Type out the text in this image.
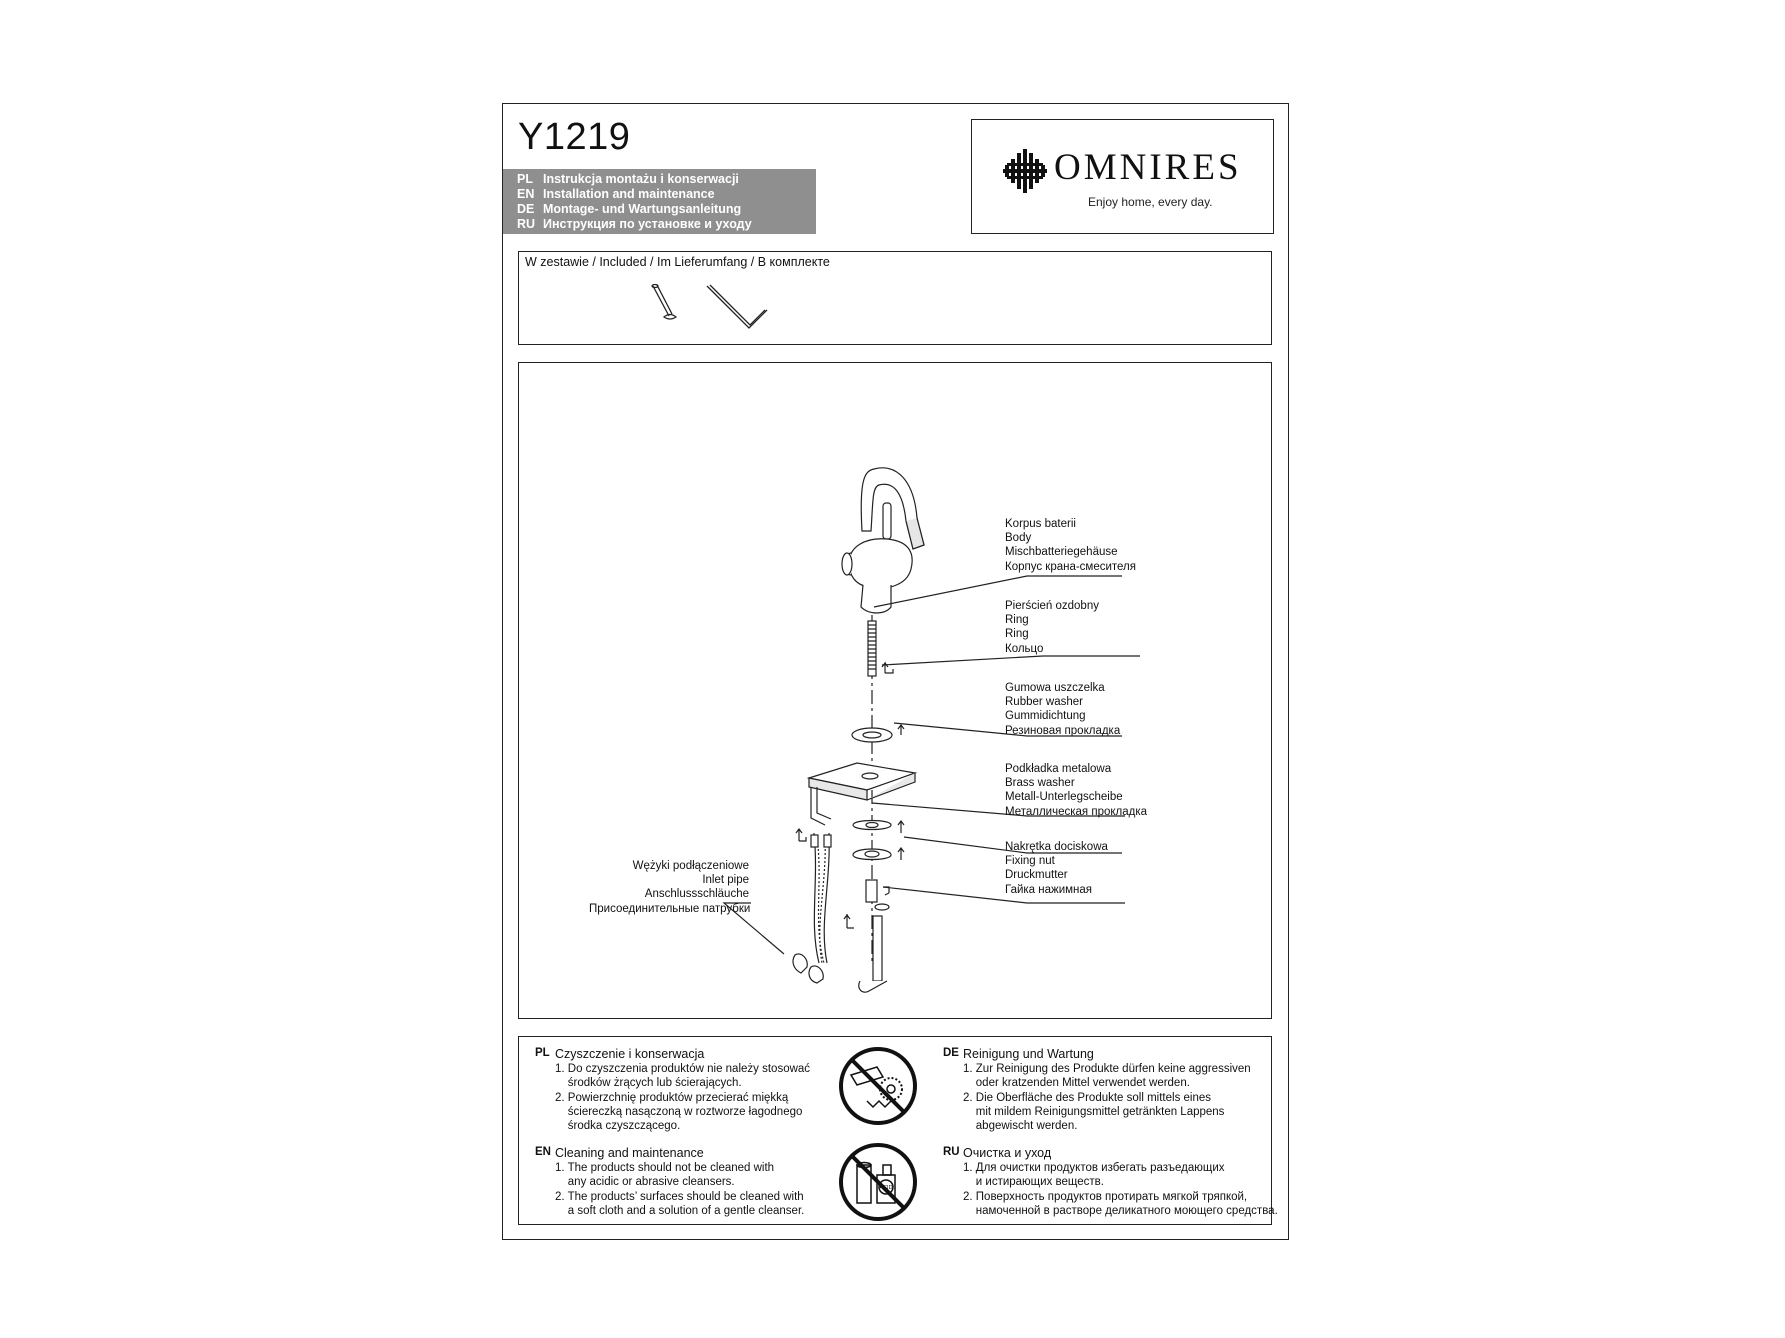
Y1219
PL Instrukcja montażu i konserwacji
EN Installation and maintenance
DE Montage- und Wartungsanleitung
RU Инструкция по установке и уходу
OMNIRES
Enjoy home, every day.
W zestawie / Included / Im Lieferumfang / В комплекте
Korpus baterii
Body
Mischbatteriegehäuse
Корпус крана-смесителя
Pierścień ozdobny
Ring
Ring
Кольцо
Gumowa uszczelka
Rubber washer
Gummidichtung
Резиновая прокладка
Podkładka metalowa
Brass washer
Metall-Unterlegscheibe
Металлическая прокладка
Nakrętka dociskowa
Fixing nut
Druckmutter
Гайка нажимная
Wężyki podłączeniowe
Inlet pipe
Anschlussschläuche
Присоединительные патрубки
PL Czyszczenie i konserwacja
1. Do czyszczenia produktów nie należy stosować
środków żrących lub ścierających.
2. Powierzchnię produktów przecierać miękką
ściereczką nasączoną w roztworze łagodnego
środka czyszczącego.
EN Cleaning and maintenance
1. The products should not be cleaned with
any acidic or abrasive cleansers.
2. The products’ surfaces should be cleaned with
a soft cloth and a solution of a gentle cleanser.
ACID
DE Reinigung und Wartung
1. Zur Reinigung des Produkte dürfen keine aggressiven
oder kratzenden Mittel verwendet werden.
2. Die Oberfläche des Produkte soll mittels eines
mit mildem Reinigungsmittel getränkten Lappens
abgewischt werden.
RU Очистка и уход
1. Для очистки продуктов избегать разъедающих
и истирающих веществ.
2. Поверхность продуктов протирать мягкой тряпкой,
намоченной в растворе деликатного моющего средства.
